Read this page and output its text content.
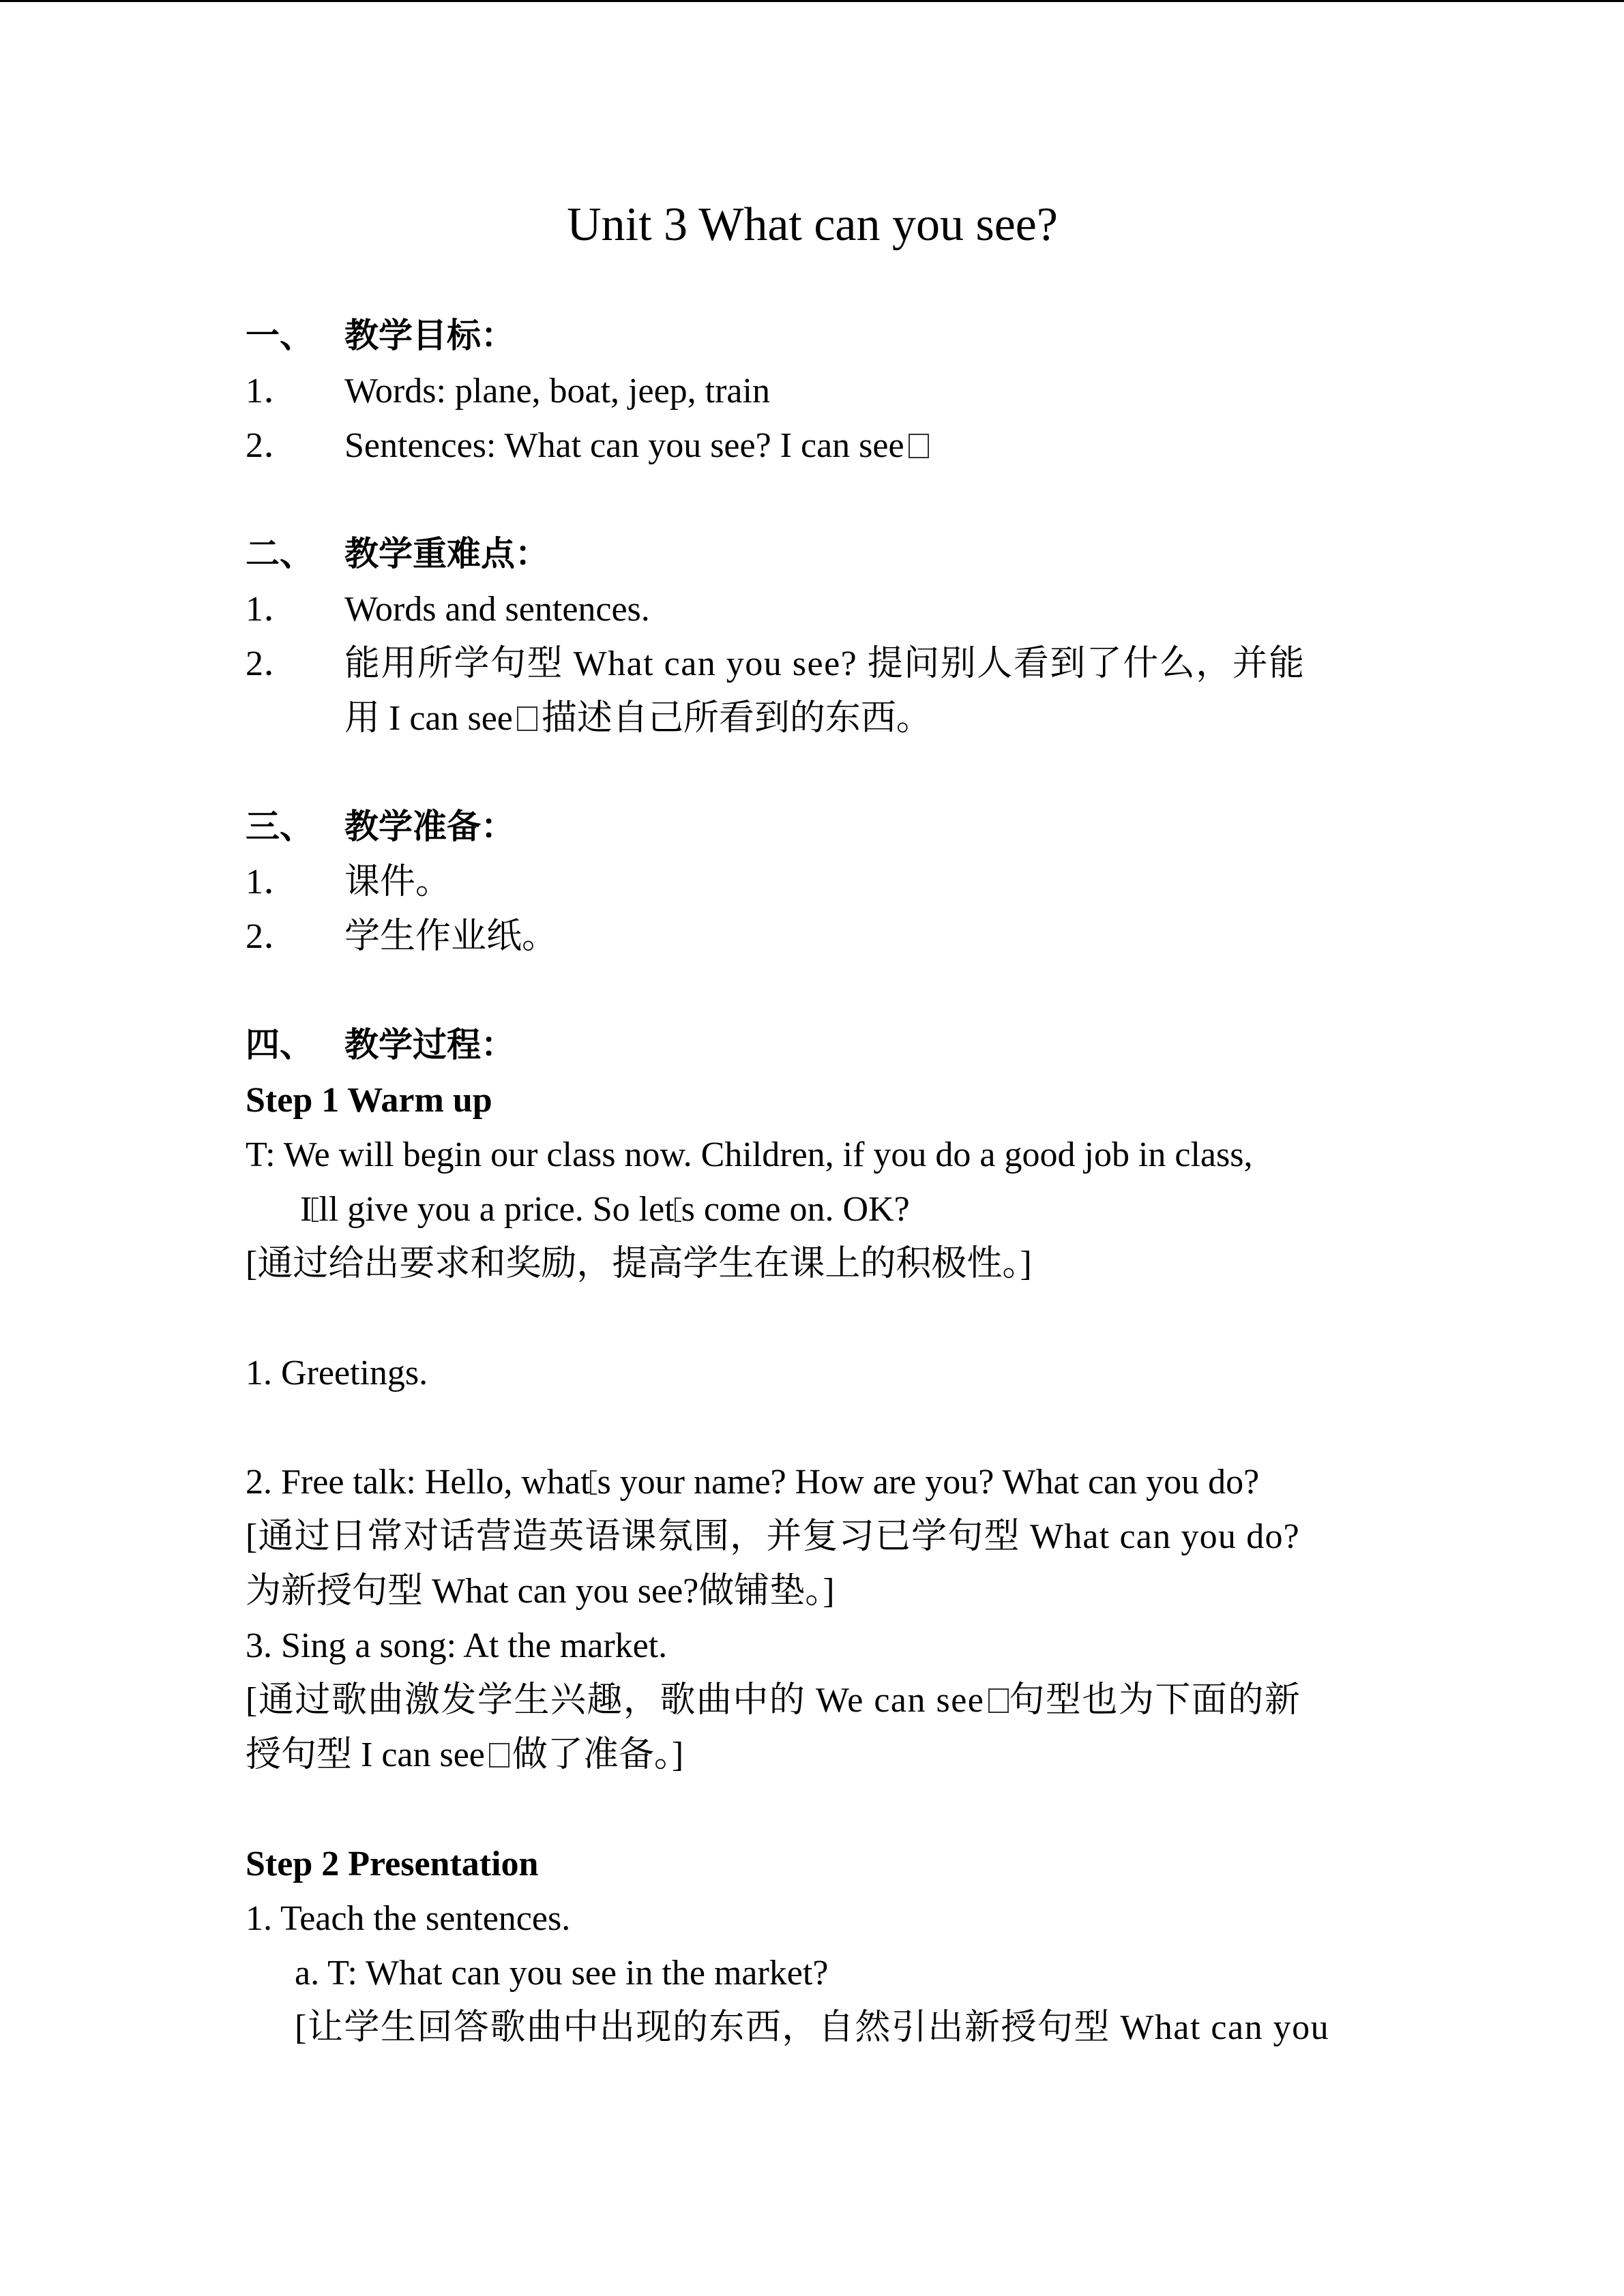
Unit 3 What can you see?
一、 教学目标：
1． Words: plane, boat, jeep, train
2． Sentences: What can you see? I can see
二、 教学重难点：
1． Words and sentences.
2． 能用所学句型 What can you see? 提问别人看到了什么，并能
用 I can see 描述自己所看到的东西。
三、 教学准备：
1． 课件。
2． 学生作业纸。
四、 教学过程：
Step 1 Warm up
T: We will begin our class now. Children, if you do a good job in class,
I ll give you a price. So let s come on. OK?
[通过给出要求和奖励，提高学生在课上的积极性。]
1. Greetings.
2. Free talk: Hello, what s your name? How are you? What can you do?
[通过日常对话营造英语课氛围，并复习已学句型 What can you do?
为新授句型 What can you see?做铺垫。]
3. Sing a song: At the market.
[通过歌曲激发学生兴趣，歌曲中的 We can see 句型也为下面的新
授句型 I can see 做了准备。]
Step 2 Presentation
1. Teach the sentences.
a. T: What can you see in the market?
[让学生回答歌曲中出现的东西，自然引出新授句型 What can you
